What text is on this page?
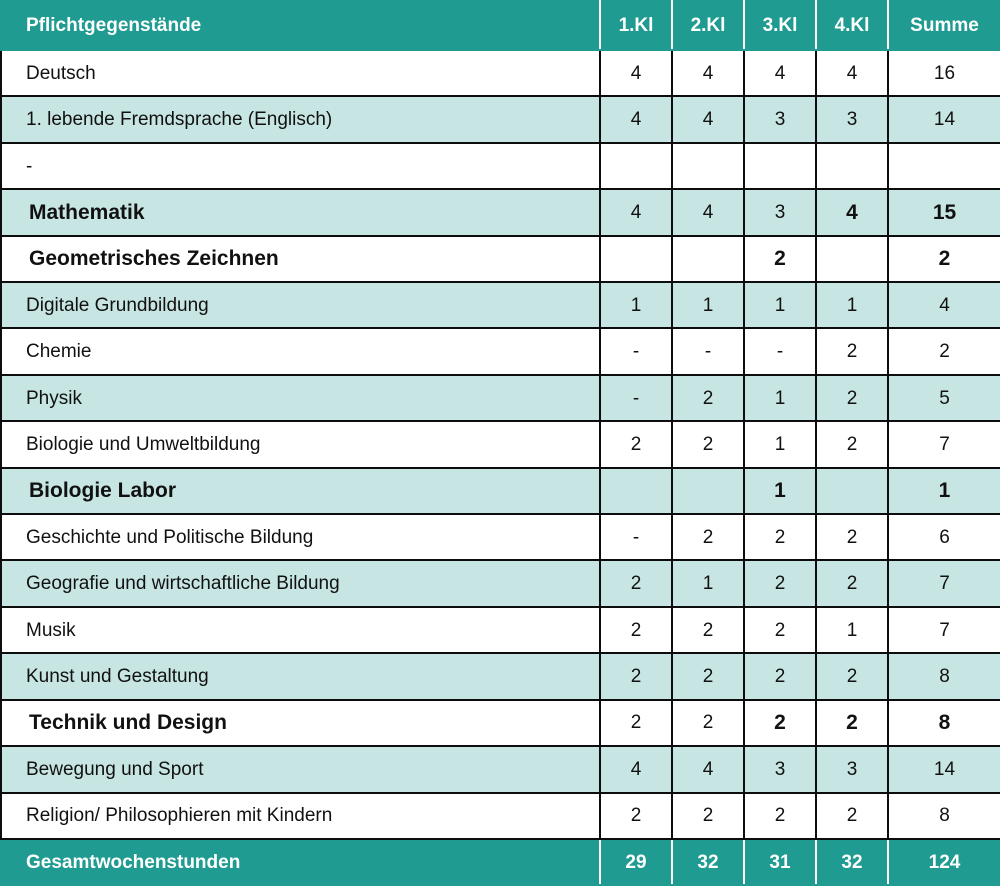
Pflichtgegenstände	1.Kl	2.Kl	3.Kl	4.Kl	Summe
Deutsch	4	4	4	4	16
1. lebende Fremdsprache (Englisch)	4	4	3	3	14
-					
Mathematik	4	4	3	4	15
Geometrisches Zeichnen			2		2
Digitale Grundbildung	1	1	1	1	4
Chemie	-	-	-	2	2
Physik	-	2	1	2	5
Biologie und Umweltbildung	2	2	1	2	7
Biologie Labor			1		1
Geschichte und Politische Bildung	-	2	2	2	6
Geografie und wirtschaftliche Bildung	2	1	2	2	7
Musik	2	2	2	1	7
Kunst und Gestaltung	2	2	2	2	8
Technik und Design	2	2	2	2	8
Bewegung und Sport	4	4	3	3	14
Religion/ Philosophieren mit Kindern	2	2	2	2	8
Gesamtwochenstunden	29	32	31	32	124
